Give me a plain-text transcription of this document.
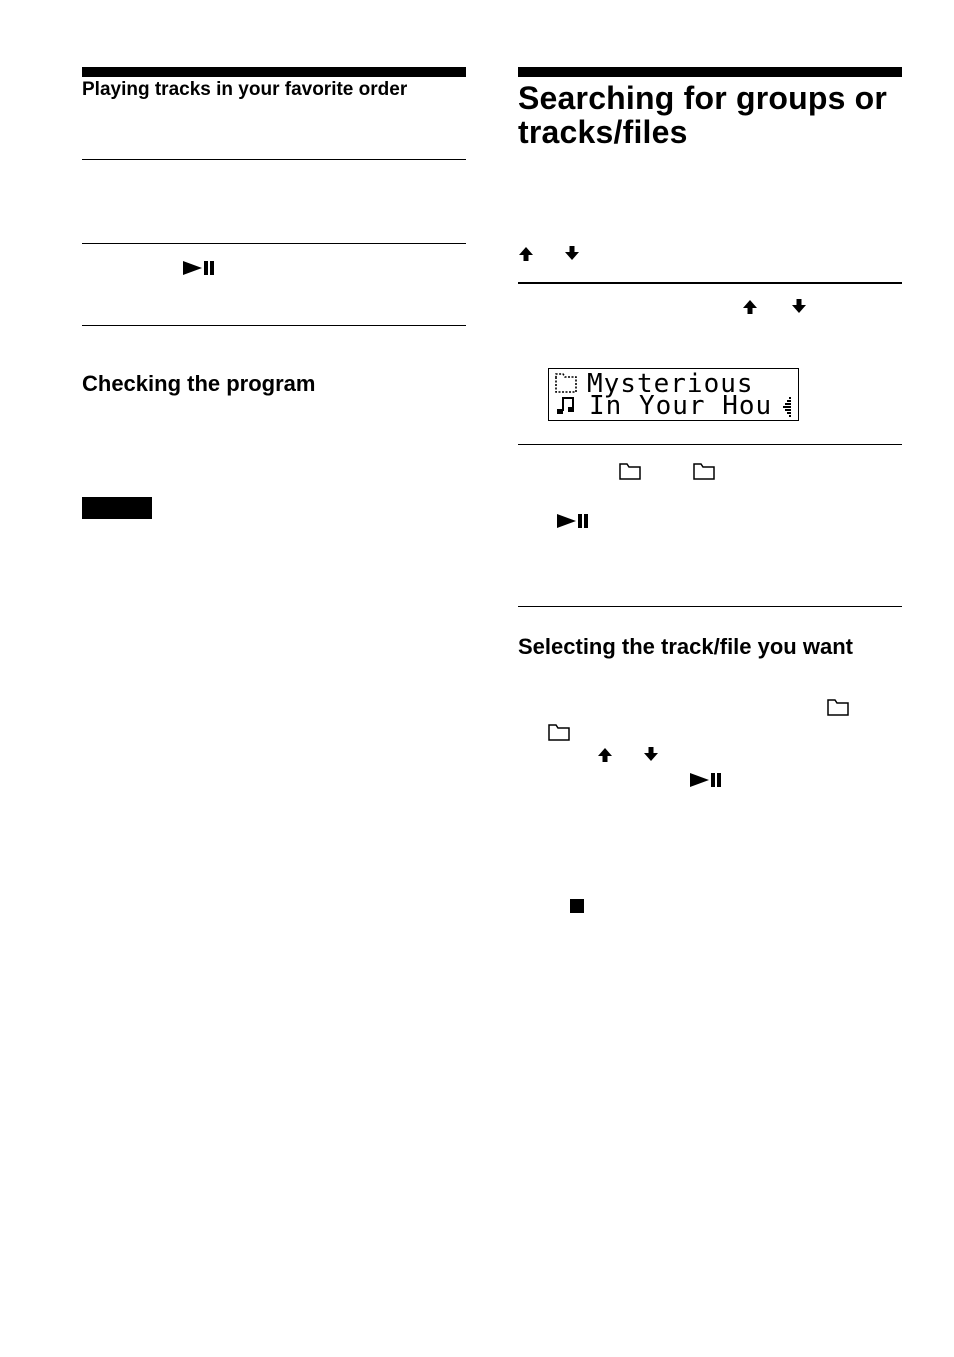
Playing tracks in your favorite order
Checking the program
Searching for groups or tracks/files
Mysterious
In Your Hou
Selecting the track/file you want
